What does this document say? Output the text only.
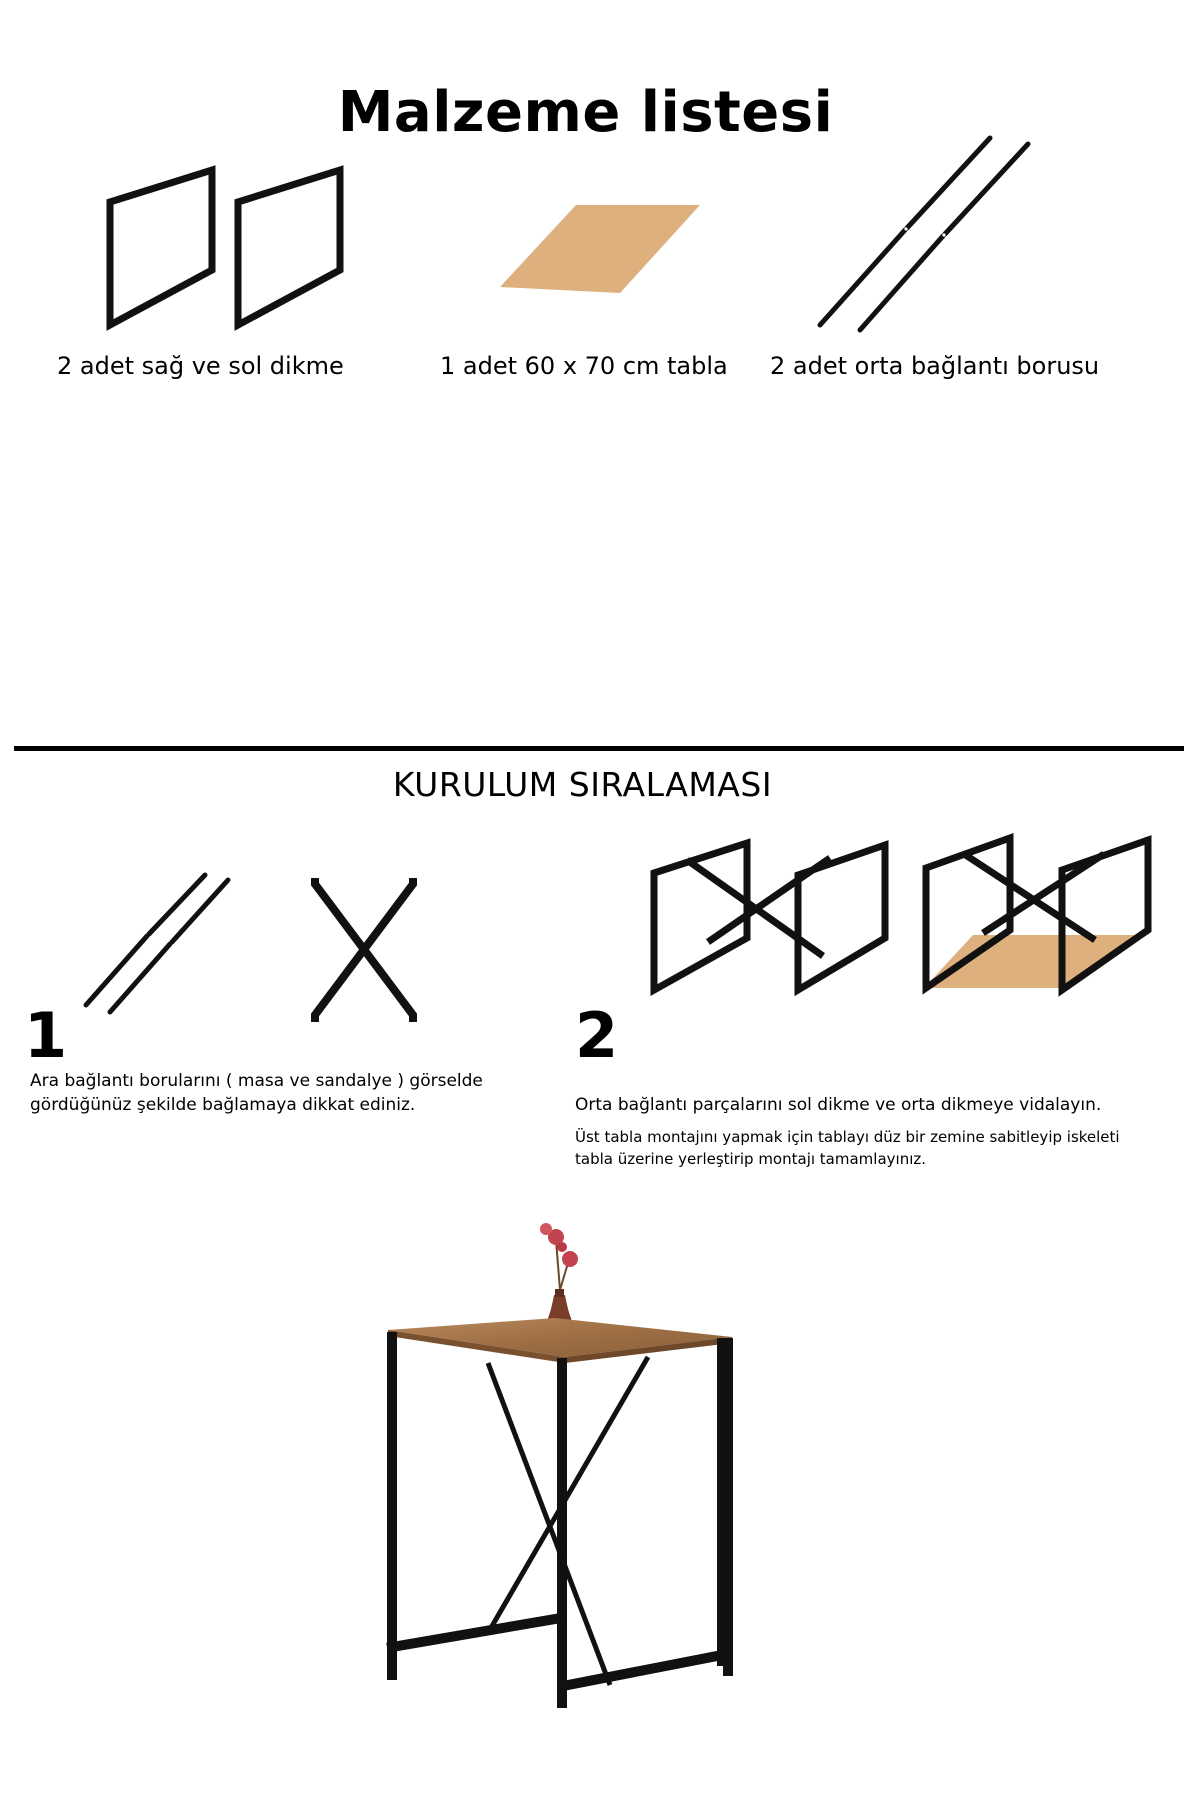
Malzeme listesi
2 adet sağ ve sol dikme	1 adet 60 x 70 cm tabla 2 adet orta bağlantı borusu
KURULUM SIRALAMASI
1
Ara bağlantı borularını ( masa ve sandalye ) görselde
gördüğünüz şekilde bağlamaya dikkat ediniz.
2
Orta bağlantı parçalarını sol dikme ve orta dikmeye vidalayın.
Üst tabla montajını yapmak için tablayı düz bir zemine sabitleyip iskeleti
tabla üzerine yerleştirip montajı tamamlayınız.
